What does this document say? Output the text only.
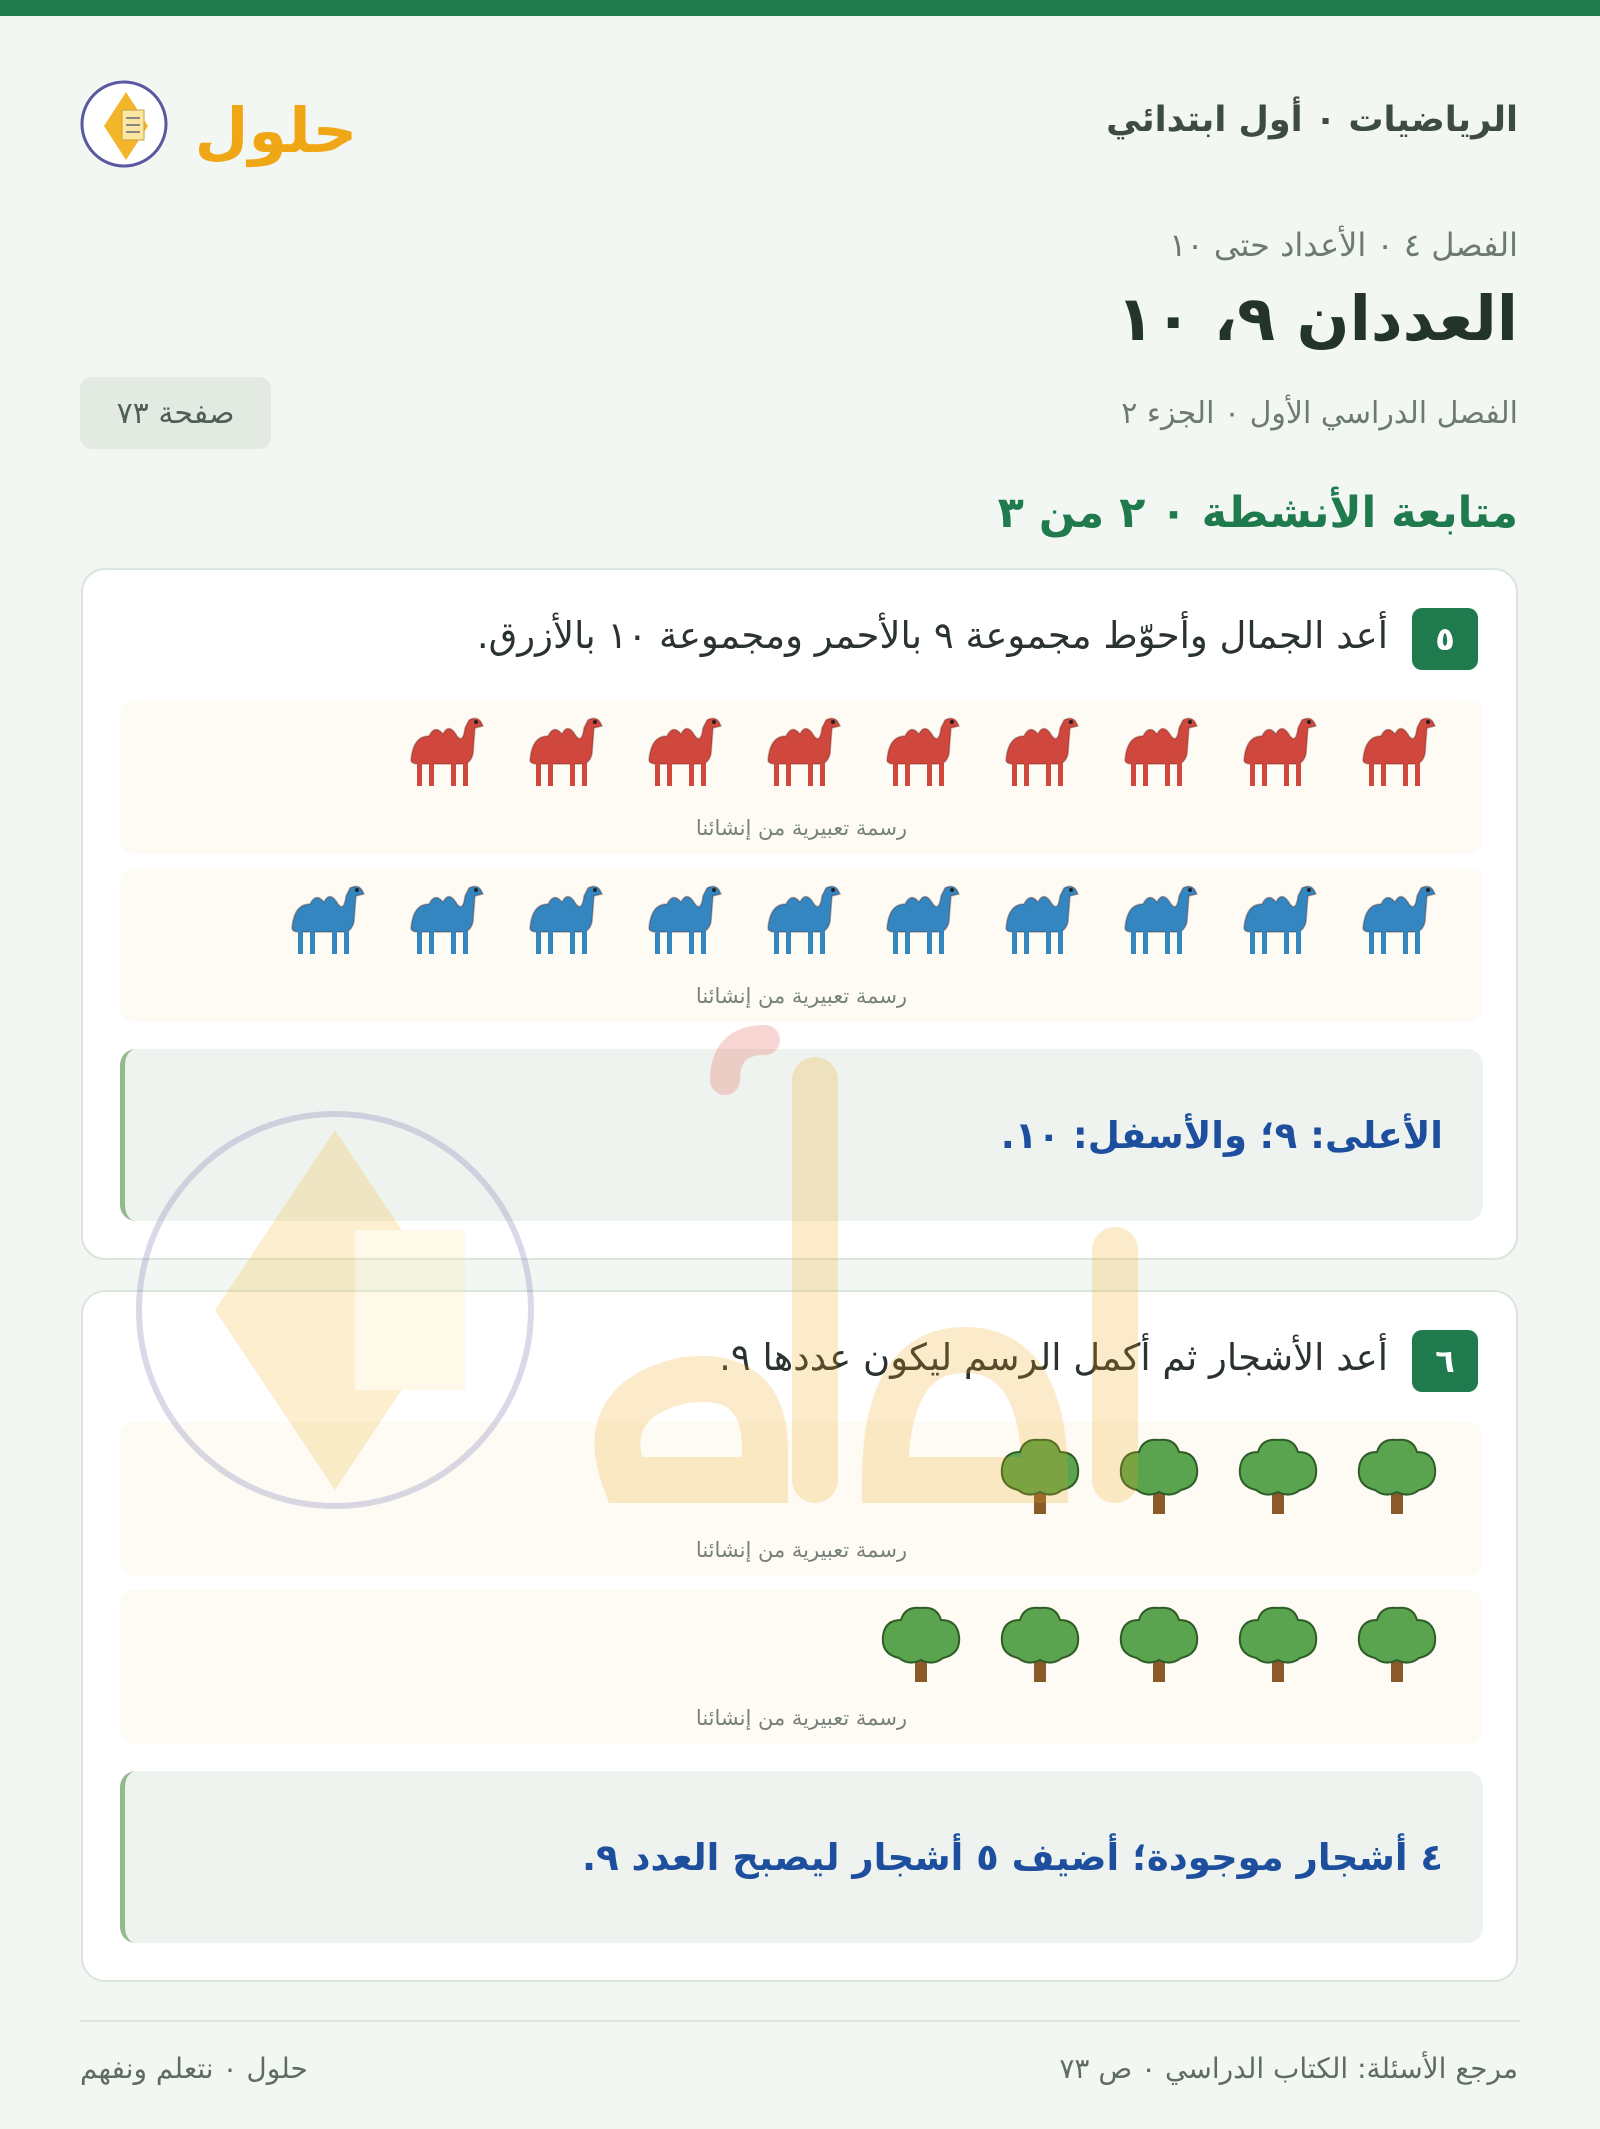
حلول	الرياضيات ٠ أول ابتدائي
الفصل ٤ ٠ الأعداد حتى ١٠
العددان ٩، ١٠
الفصل الدراسي الأول ٠ الجزء ٢
صفحة ٧٣
متابعة الأنشطة ٠ ٢ من ٣
٥
أعد الجمال وأحوّط مجموعة ٩ بالأحمر ومجموعة ١٠ بالأزرق.
رسمة تعبيرية من إنشائنا
رسمة تعبيرية من إنشائنا
الأعلى: ٩؛ والأسفل: ١٠.
٦
أعد الأشجار ثم أكمل الرسم ليكون عددها ٩.
رسمة تعبيرية من إنشائنا
رسمة تعبيرية من إنشائنا
٤ أشجار موجودة؛ أضيف ٥ أشجار ليصبح العدد ٩.
مرجع الأسئلة: الكتاب الدراسي ٠ ص ٧٣
حلول ٠ نتعلم ونفهم
